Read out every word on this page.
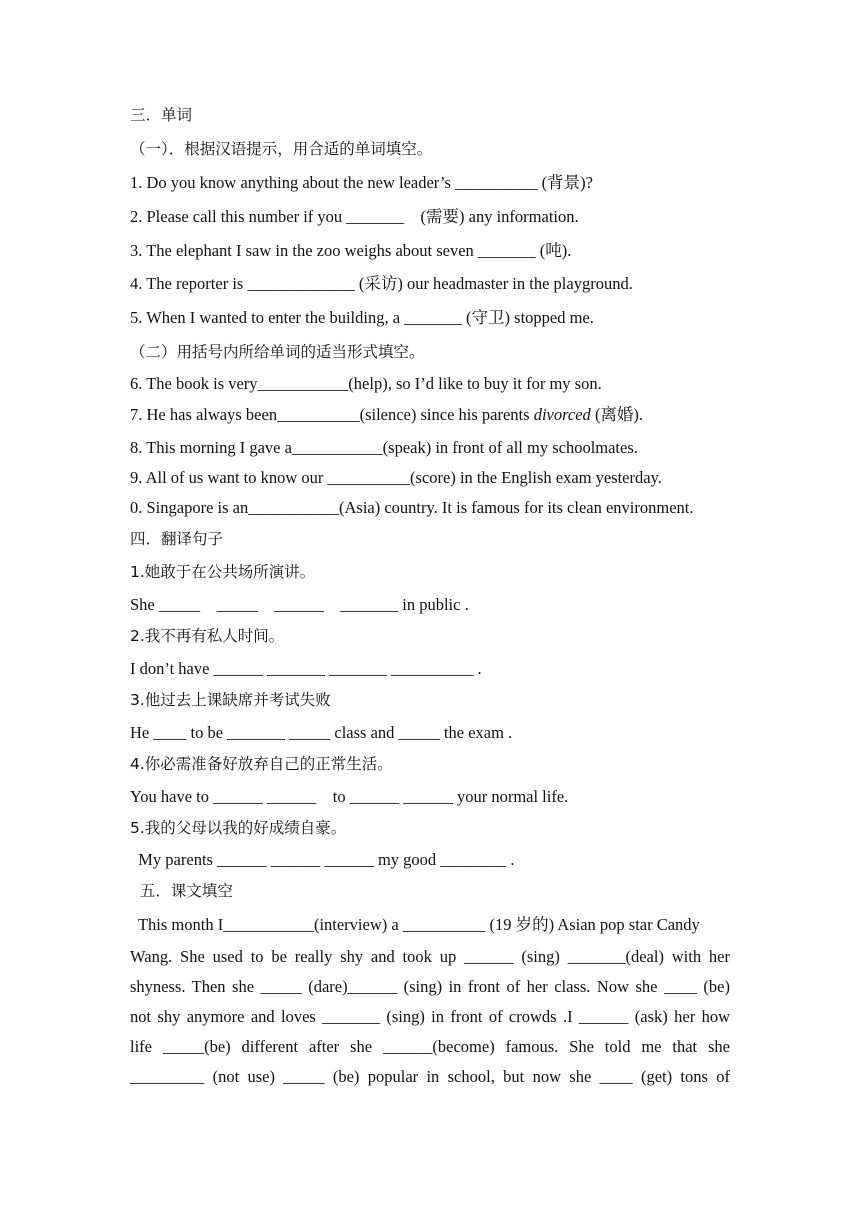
三．单词
（一）．根据汉语提示，用合适的单词填空。
1. Do you know anything about the new leader’s __________ (背景)?
2. Please call this number if you _______    (需要) any information.
3. The elephant I saw in the zoo weighs about seven _______ (吨).
4. The reporter is _____________ (采访) our headmaster in the playground.
5. When I wanted to enter the building, a _______ (守卫) stopped me.
（二）用括号内所给单词的适当形式填空。
6. The book is very___________(help), so I’d like to buy it for my son.
7. He has always been__________(silence) since his parents divorced (离婚).
8. This morning I gave a___________(speak) in front of all my schoolmates.
9. All of us want to know our __________(score) in the English exam yesterday.
0. Singapore is an___________(Asia) country. It is famous for its clean environment.
四．翻译句子
1.她敢于在公共场所演讲。
She _____    _____    ______    _______ in public .
2.我不再有私人时间。
I don’t have ______ _______ _______ __________ .
3.他过去上课缺席并考试失败
He ____ to be _______ _____ class and _____ the exam .
4.你必需准备好放弃自己的正常生活。
You have to ______ ______    to ______ ______ your normal life.
5.我的父母以我的好成绩自豪。
My parents ______ ______ ______ my good ________ .
五．课文填空
This month I___________(interview) a __________ (19 岁的) Asian pop star Candy
Wang. She used to be really shy and took up ______ (sing) _______(deal) with her
shyness. Then she _____ (dare)______ (sing) in front of her class. Now she ____ (be)
not shy anymore and loves _______ (sing) in front of crowds .I ______ (ask) her how
life _____(be) different after she ______(become) famous. She told me that she
_________ (not use) _____ (be) popular in school, but now she ____ (get) tons of
